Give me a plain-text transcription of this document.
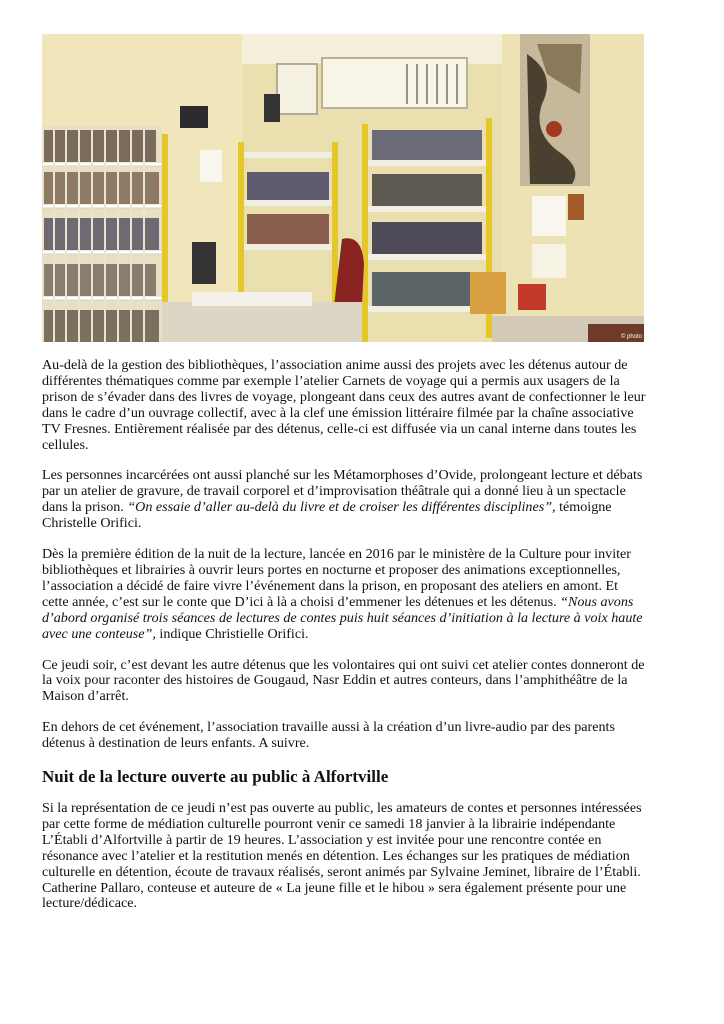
© photo

Au-delà de la gestion des bibliothèques, l’association anime aussi des projets avec les détenus autour de différentes thématiques comme par exemple l’atelier Carnets de voyage qui a permis aux usagers de la prison de s’évader dans des livres de voyage, plongeant dans ceux des autres avant de confectionner le leur dans le cadre d’un ouvrage collectif, avec à la clef une émission littéraire filmée par la chaîne associative TV Fresnes. Entièrement réalisée par des détenus, celle-ci est diffusée via un canal interne dans toutes les cellules.

Les personnes incarcérées ont aussi planché sur les Métamorphoses d’Ovide, prolongeant lecture et débats par un atelier de gravure, de travail corporel et d’improvisation théâtrale qui a donné lieu à un spectacle dans la prison. “On essaie d’aller au-delà du livre et de croiser les différentes disciplines”, témoigne Christelle Orifici.

Dès la première édition de la nuit de la lecture, lancée en 2016 par le ministère de la Culture pour inviter bibliothèques et librairies à ouvrir leurs portes en nocturne et proposer des animations exceptionnelles, l’association a décidé de faire vivre l’événement dans la prison, en proposant des ateliers en amont. Et cette année, c’est sur le conte que D’ici à là a choisi d’emmener les détenues et les détenus. “Nous avons d’abord organisé trois séances de lectures de contes puis huit séances d’initiation à la lecture à voix haute avec une conteuse”, indique Christielle Orifici.

Ce jeudi soir, c’est devant les autre détenus que les volontaires qui ont suivi cet atelier contes donneront de la voix pour raconter des histoires de Gougaud, Nasr Eddin et autres conteurs, dans l’amphithéâtre de la Maison d’arrêt.

En dehors de cet événement, l’association travaille aussi à la création d’un livre-audio par des parents détenus à destination de leurs enfants. A suivre.

Nuit de la lecture ouverte au public à Alfortville

Si la représentation de ce jeudi n’est pas ouverte au public, les amateurs de contes et personnes intéressées par cette forme de médiation culturelle pourront venir ce samedi 18 janvier à la librairie indépendante L’Établi d’Alfortville à partir de 19 heures. L’association y est invitée pour une rencontre contée en résonance avec l’atelier et la restitution menés en détention. Les échanges sur les pratiques de médiation culturelle en détention, écoute de travaux réalisés, seront animés par Sylvaine Jeminet, libraire de l’Établi. Catherine Pallaro, conteuse et auteure de « La jeune fille et le hibou » sera également présente pour une lecture/dédicace.
